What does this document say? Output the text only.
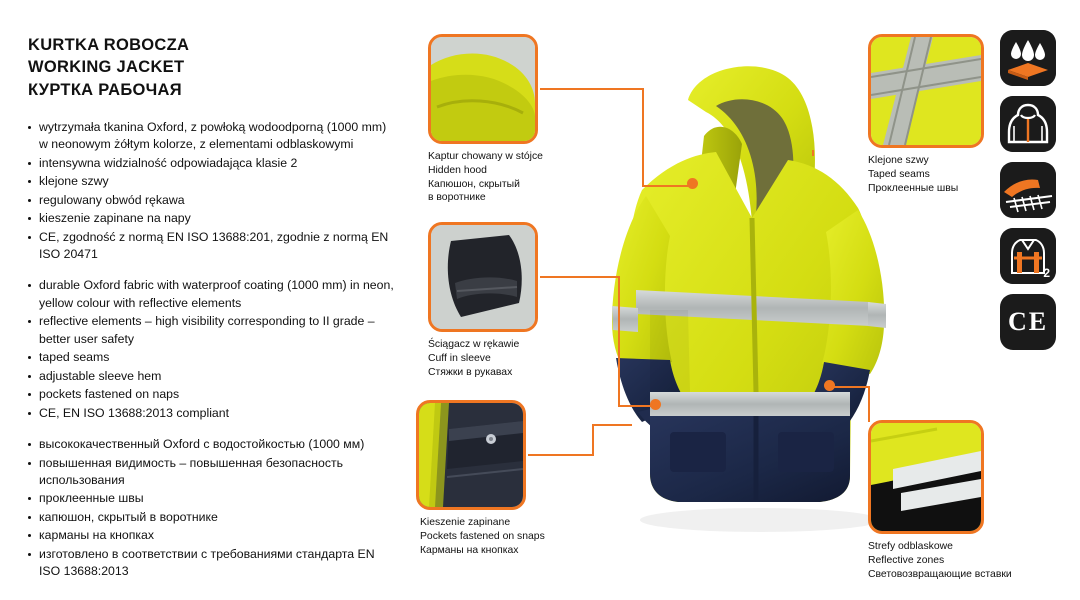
KURTKA ROBOCZA
WORKING JACKET
КУРТКА РАБОЧАЯ
wytrzymała tkanina Oxford, z powłoką wodoodporną (1000 mm) w neonowym żółtym kolorze, z elementami odblaskowymi
intensywna widzialność odpowiadająca klasie 2
klejone szwy
regulowany obwód rękawa
kieszenie zapinane na napy
CE, zgodność z normą EN ISO 13688:201, zgodnie z normą EN ISO 20471
durable Oxford fabric with waterproof coating (1000 mm) in neon, yellow colour with reflective elements
reflective elements – high visibility corresponding to II grade – better user safety
taped seams
adjustable sleeve hem
pockets fastened on naps
CE, EN ISO 13688:2013 compliant
высококачественный Oxford с водостойкостью (1000 мм)
повышенная видимость – повышенная безопасность использования
проклеенные швы
капюшон, скрытый в воротнике
карманы на кнопках
изготовлено в соответствии с требованиями стандарта EN ISO 13688:2013
Kaptur chowany w stójce
Hidden hood
Капюшон, скрытый
в воротнике
Ściągacz w rękawie
Cuff in sleeve
Стяжки в рукавах
Kieszenie zapinane
Pockets fastened on snaps
Карманы на кнопках
Klejone szwy
Taped seams
Проклеенные швы
Strefy odblaskowe
Reflective zones
Световозвращающие вставки
2
CE
